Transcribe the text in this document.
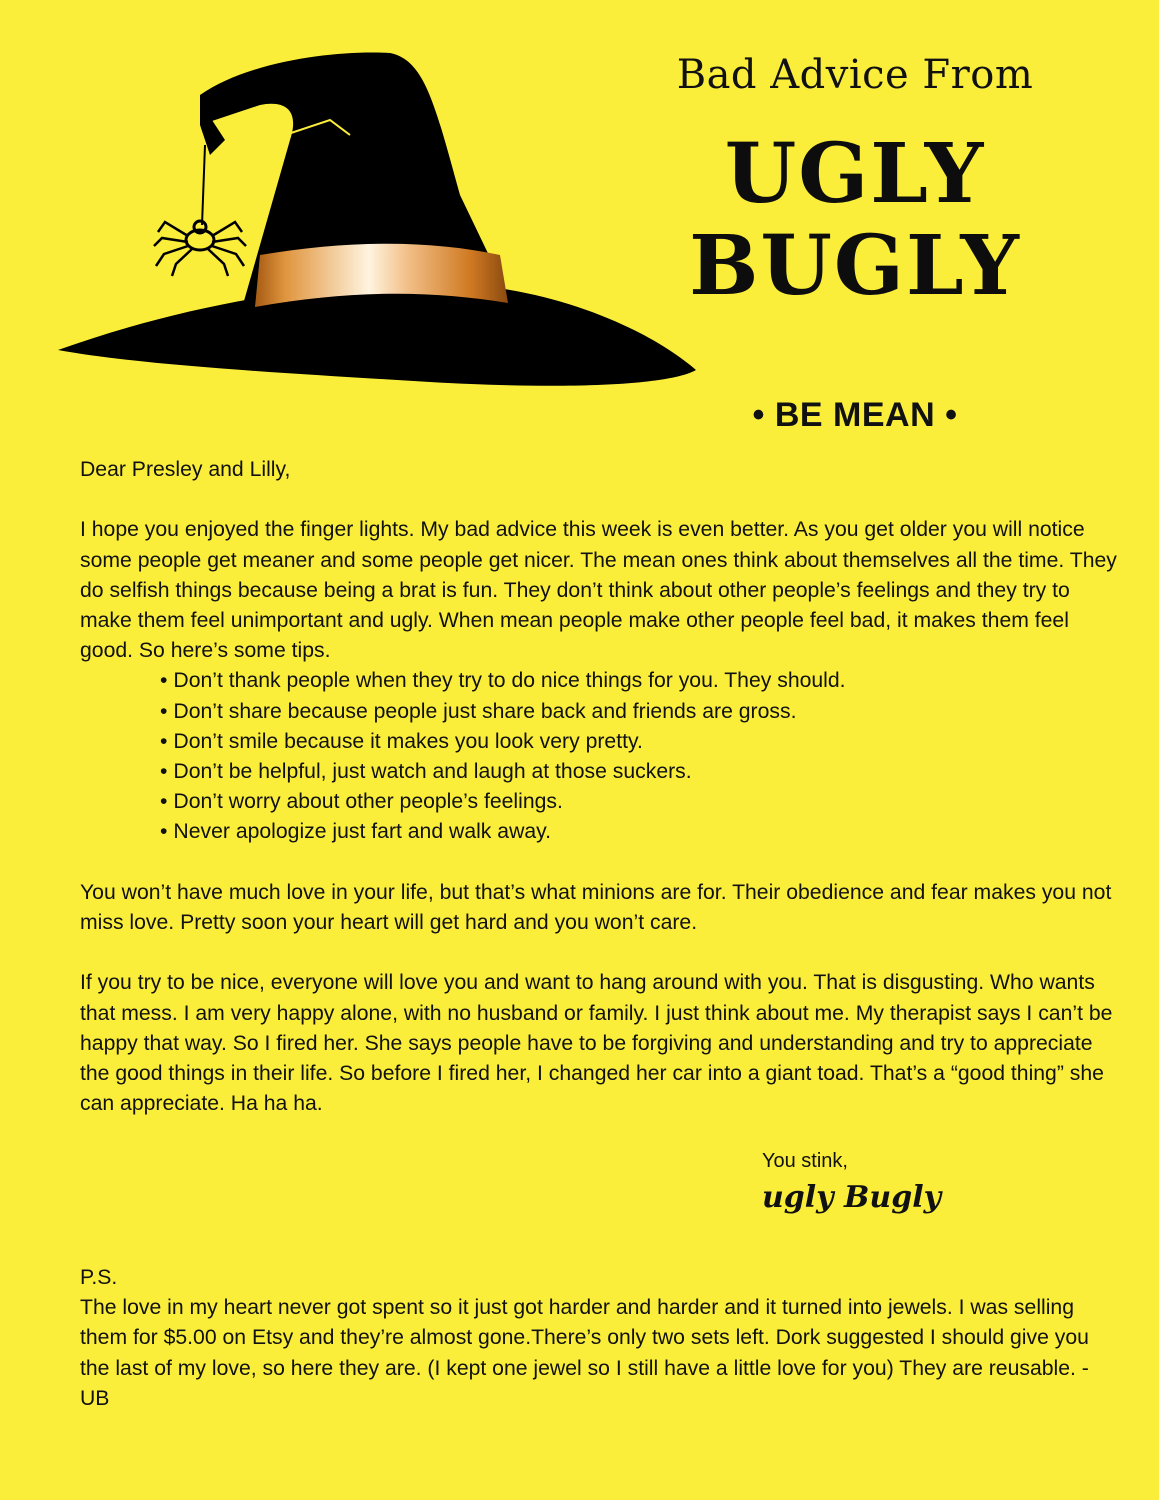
Bad Advice From
UGLY
BUGLY
• BE MEAN •

Dear Presley and Lilly,

I hope you enjoyed the finger lights. My bad advice this week is even better. As you get older you will notice some people get meaner and some people get nicer. The mean ones think about themselves all the time. They do selfish things because being a brat is fun. They don’t think about other people’s feelings and they try to make them feel unimportant and ugly. When mean people make other people feel bad, it makes them feel good. So here’s some tips.

• Don’t thank people when they try to do nice things for you. They should.
• Don’t share because people just share back and friends are gross.
• Don’t smile because it makes you look very pretty.
• Don’t be helpful, just watch and laugh at those suckers.
• Don’t worry about other people’s feelings.
• Never apologize just fart and walk away.

You won’t have much love in your life, but that’s what minions are for. Their obedience and fear makes you not miss love. Pretty soon your heart will get hard and you won’t care.

If you try to be nice, everyone will love you and want to hang around with you. That is disgusting. Who wants that mess. I am very happy alone, with no husband or family. I just think about me. My therapist says I can’t be happy that way. So I fired her. She says people have to be forgiving and understanding and try to appreciate the good things in their life. So before I fired her, I changed her car into a giant toad. That’s a “good thing” she can appreciate. Ha ha ha.

You stink,
ugly Bugly

P.S.

The love in my heart never got spent so it just got harder and harder and it turned into jewels. I was selling them for $5.00 on Etsy and they’re almost gone.There’s only two sets left. Dork suggested I should give you the last of my love, so here they are. (I kept one jewel so I still have a little love for you) They are reusable. - UB
